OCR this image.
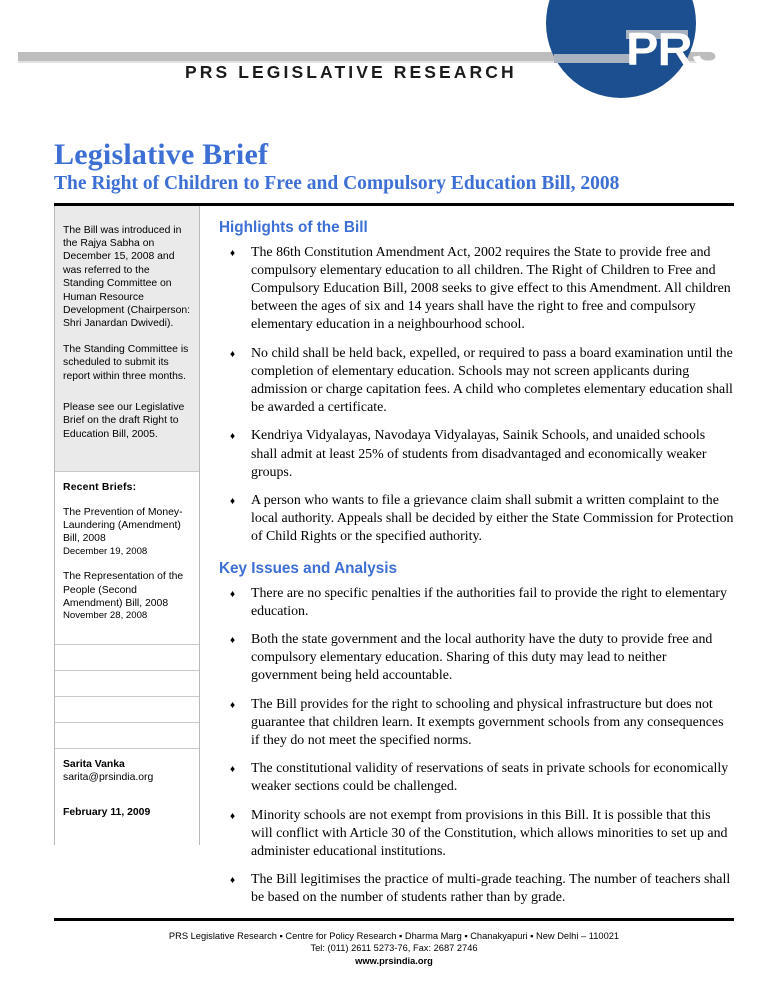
PRS LEGISLATIVE RESEARCH PRS
Legislative Brief
The Right of Children to Free and Compulsory Education Bill, 2008

The Bill was introduced in the Rajya Sabha on December 15, 2008 and was referred to the Standing Committee on Human Resource Development (Chairperson: Shri Janardan Dwivedi).

The Standing Committee is scheduled to submit its report within three months.

Please see our Legislative Brief on the draft Right to Education Bill, 2005.

Recent Briefs:

The Prevention of Money-Laundering (Amendment) Bill, 2008
December 19, 2008
The Representation of the People (Second Amendment) Bill, 2008
November 28, 2008

Sarita Vanka

sarita@prsindia.org

February 11, 2009

Highlights of the Bill
♦ The 86th Constitution Amendment Act, 2002 requires the State to provide free and compulsory elementary education to all children. The Right of Children to Free and Compulsory Education Bill, 2008 seeks to give effect to this Amendment. All children between the ages of six and 14 years shall have the right to free and compulsory elementary education in a neighbourhood school.
♦ No child shall be held back, expelled, or required to pass a board examination until the completion of elementary education. Schools may not screen applicants during admission or charge capitation fees. A child who completes elementary education shall be awarded a certificate.
♦ Kendriya Vidyalayas, Navodaya Vidyalayas, Sainik Schools, and unaided schools shall admit at least 25% of students from disadvantaged and economically weaker groups.
♦ A person who wants to file a grievance claim shall submit a written complaint to the local authority. Appeals shall be decided by either the State Commission for Protection of Child Rights or the specified authority.
Key Issues and Analysis
♦ There are no specific penalties if the authorities fail to provide the right to elementary education.
♦ Both the state government and the local authority have the duty to provide free and compulsory elementary education. Sharing of this duty may lead to neither government being held accountable.
♦ The Bill provides for the right to schooling and physical infrastructure but does not guarantee that children learn. It exempts government schools from any consequences if they do not meet the specified norms.
♦ The constitutional validity of reservations of seats in private schools for economically weaker sections could be challenged.
♦ Minority schools are not exempt from provisions in this Bill. It is possible that this will conflict with Article 30 of the Constitution, which allows minorities to set up and administer educational institutions.
♦ The Bill legitimises the practice of multi-grade teaching. The number of teachers shall be based on the number of students rather than by grade.
PRS Legislative Research ▪ Centre for Policy Research ▪ Dharma Marg ▪ Chanakyapuri ▪ New Delhi – 110021
Tel: (011) 2611 5273-76, Fax: 2687 2746
www.prsindia.org
